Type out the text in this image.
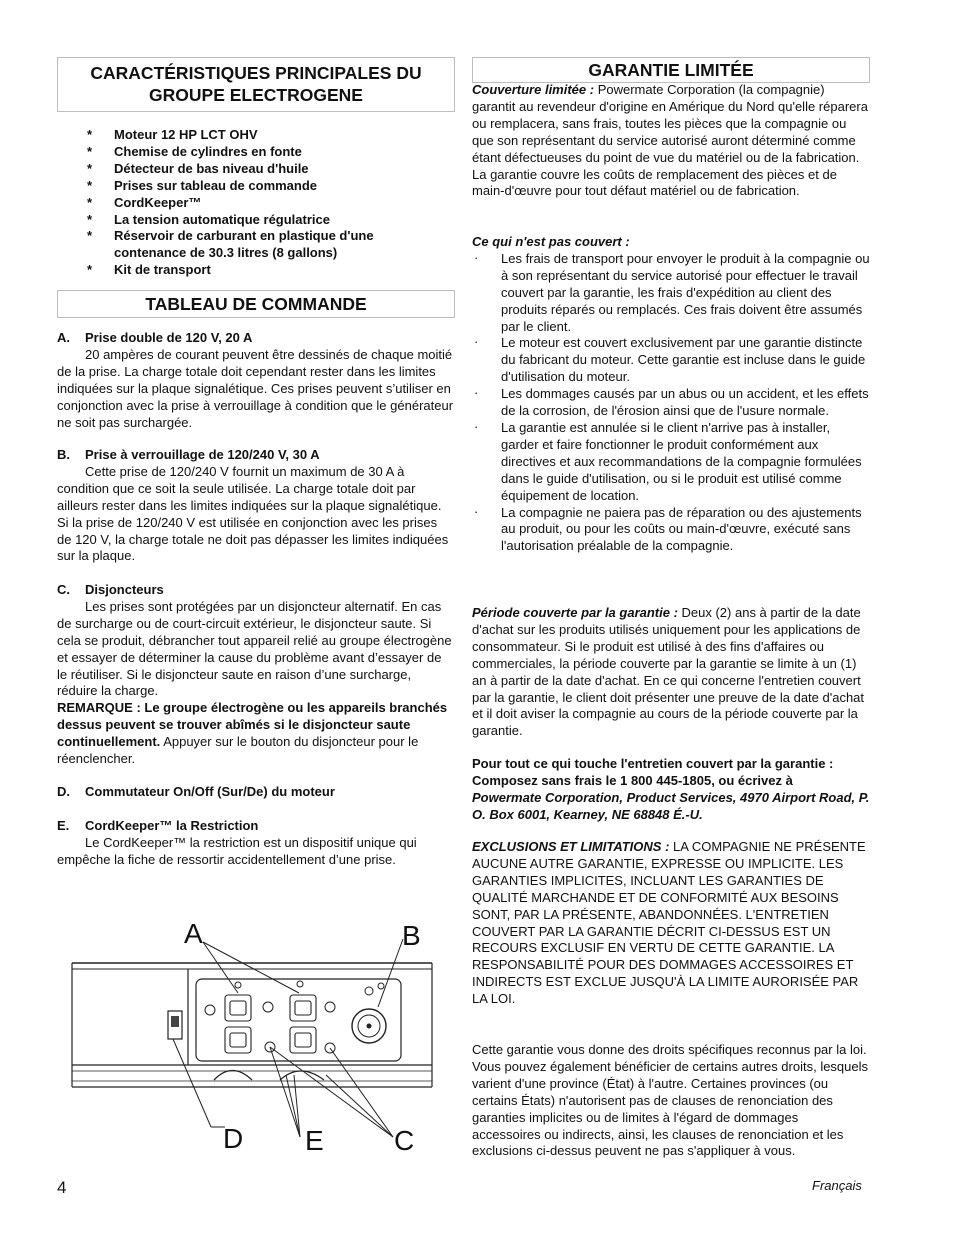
CARACTÉRISTIQUES PRINCIPALES DU GROUPE ELECTROGENE
* Moteur 12 HP LCT OHV
* Chemise de cylindres en fonte
* Détecteur de bas niveau d'huile
* Prises sur tableau de commande
* CordKeeper™
* La tension automatique régulatrice
* Réservoir de carburant en plastique d'une contenance de 30.3 litres (8 gallons)
* Kit de transport
TABLEAU DE COMMANDE

A. Prise double de 120 V, 20 A

20 ampères de courant peuvent être dessinés de chaque moitié de la prise. La charge totale doit cependant rester dans les limites indiquées sur la plaque signalétique. Ces prises peuvent s’utiliser en conjonction avec la prise à verrouillage à condition que le générateur ne soit pas surchargée.

B. Prise à verrouillage de 120/240 V, 30 A

Cette prise de 120/240 V fournit un maximum de 30 A à condition que ce soit la seule utilisée. La charge totale doit par ailleurs rester dans les limites indiquées sur la plaque signalétique. Si la prise de 120/240 V est utilisée en conjonction avec les prises de 120 V, la charge totale ne doit pas dépasser les limites indiquées sur la plaque.

C. Disjoncteurs

Les prises sont protégées par un disjoncteur alternatif. En cas de surcharge ou de court-circuit extérieur, le disjoncteur saute. Si cela se produit, débrancher tout appareil relié au groupe électrogène et essayer de déterminer la cause du problème avant d’essayer de le réutiliser. Si le disjoncteur saute en raison d’une surcharge, réduire la charge.

REMARQUE : Le groupe électrogène ou les appareils branchés dessus peuvent se trouver abîmés si le disjoncteur saute continuellement. Appuyer sur le bouton du disjoncteur pour le réenclencher.

D. Commutateur On/Off (Sur/De) du moteur

E. CordKeeper™ la Restriction

Le CordKeeper™ la restriction est un dispositif unique qui empêche la fiche de ressortir accidentellement d’une prise.

A	B
C
D E
GARANTIE LIMITÉE

Couverture limitée : Powermate Corporation (la compagnie) garantit au revendeur d'origine en Amérique du Nord qu'elle réparera ou remplacera, sans frais, toutes les pièces que la compagnie ou que son représentant du service autorisé auront déterminé comme étant défectueuses du point de vue du matériel ou de la fabrication. La garantie couvre les coûts de remplacement des pièces et de main-d'œuvre pour tout défaut matériel ou de fabrication.

Ce qui n'est pas couvert :

· Les frais de transport pour envoyer le produit à la compagnie ou à son représentant du service autorisé pour effectuer le travail couvert par la garantie, les frais d'expédition au client des produits réparés ou remplacés. Ces frais doivent être assumés par le client.
· Le moteur est couvert exclusivement par une garantie distincte du fabricant du moteur. Cette garantie est incluse dans le guide d'utilisation du moteur.
· Les dommages causés par un abus ou un accident, et les effets de la corrosion, de l'érosion ainsi que de l'usure normale.
· La garantie est annulée si le client n'arrive pas à installer, garder et faire fonctionner le produit conformément aux directives et aux recommandations de la compagnie formulées dans le guide d'utilisation, ou si le produit est utilisé comme équipement de location.
· La compagnie ne paiera pas de réparation ou des ajustements au produit, ou pour les coûts ou main-d'œuvre, exécuté sans l'autorisation préalable de la compagnie.

Période couverte par la garantie : Deux (2) ans à partir de la date d'achat sur les produits utilisés uniquement pour les applications de consommateur. Si le produit est utilisé à des fins d'affaires ou commerciales, la période couverte par la garantie se limite à un (1) an à partir de la date d'achat. En ce qui concerne l'entretien couvert par la garantie, le client doit présenter une preuve de la date d'achat et il doit aviser la compagnie au cours de la période couverte par la garantie.

Pour tout ce qui touche l'entretien couvert par la garantie : Composez sans frais le 1 800 445-1805, ou écrivez à

Powermate Corporation, Product Services, 4970 Airport Road, P. O. Box 6001, Kearney, NE 68848 É.-U.

EXCLUSIONS ET LIMITATIONS : LA COMPAGNIE NE PRÉSENTE AUCUNE AUTRE GARANTIE, EXPRESSE OU IMPLICITE. LES GARANTIES IMPLICITES, INCLUANT LES GARANTIES DE QUALITÉ MARCHANDE ET DE CONFORMITÉ AUX BESOINS SONT, PAR LA PRÉSENTE, ABANDONNÉES. L'ENTRETIEN COUVERT PAR LA GARANTIE DÉCRIT CI-DESSUS EST UN RECOURS EXCLUSIF EN VERTU DE CETTE GARANTIE. LA RESPONSABILITÉ POUR DES DOMMAGES ACCESSOIRES ET INDIRECTS EST EXCLUE JUSQU'À LA LIMITE AURORISÉE PAR LA LOI.

Cette garantie vous donne des droits spécifiques reconnus par la loi. Vous pouvez également bénéficier de certains autres droits, lesquels varient d'une province (État) à l'autre. Certaines provinces (ou certains États) n'autorisent pas de clauses de renonciation des garanties implicites ou de limites à l'égard de dommages accessoires ou indirects, ainsi, les clauses de renonciation et les exclusions ci-dessus peuvent ne pas s'appliquer à vous.

4	Français
